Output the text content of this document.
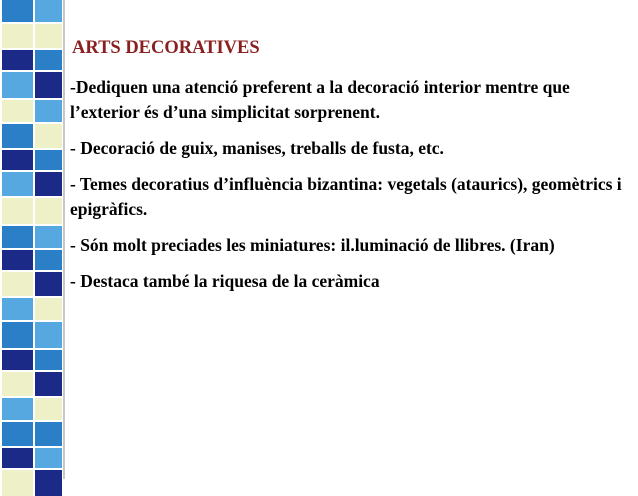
ARTS DECORATIVES

-Dediquen una atenció preferent a la decoració interior mentre que l’exterior és d’una simplicitat sorprenent.

- Decoració de guix, manises, treballs de fusta, etc.

- Temes decoratius d’influència bizantina: vegetals (ataurics), geomètrics i epigràfics.

- Són molt preciades les miniatures: il.luminació de llibres. (Iran)

- Destaca també la riquesa de la ceràmica
